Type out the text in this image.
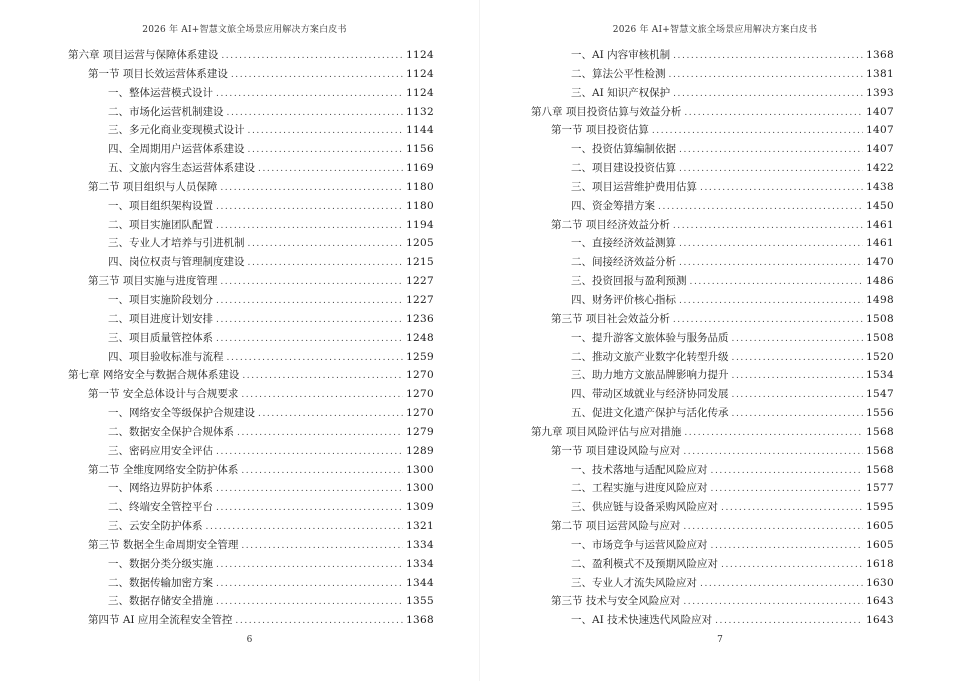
2026 年 AI+智慧文旅全场景应用解决方案白皮书
第六章 项目运营与保障体系建设 .....	1124
第一节 项目长效运营体系建设 .....	1124
一、整体运营模式设计 .....	1124
二、市场化运营机制建设 .....	1132
三、多元化商业变现模式设计 .....	1144
四、全周期用户运营体系建设 .....	1156
五、文旅内容生态运营体系建设 .....	1169
第二节 项目组织与人员保障 .....	1180
一、项目组织架构设置 .....	1180
二、项目实施团队配置 .....	1194
三、专业人才培养与引进机制 .....	1205
四、岗位权责与管理制度建设 .....	1215
第三节 项目实施与进度管理 .....	1227
一、项目实施阶段划分 .....	1227
二、项目进度计划安排 .....	1236
三、项目质量管控体系 .....	1248
四、项目验收标准与流程 .....	1259
第七章 网络安全与数据合规体系建设 .....	1270
第一节 安全总体设计与合规要求 .....	1270
一、网络安全等级保护合规建设 .....	1270
二、数据安全保护合规体系 .....	1279
三、密码应用安全评估 .....	1289
第二节 全维度网络安全防护体系 .....	1300
一、网络边界防护体系 .....	1300
二、终端安全管控平台 .....	1309
三、云安全防护体系 .....	1321
第三节 数据全生命周期安全管理 .....	1334
一、数据分类分级实施 .....	1334
二、数据传输加密方案 .....	1344
三、数据存储安全措施 .....	1355
第四节 AI 应用全流程安全管控 .....	1368
6
2026 年 AI+智慧文旅全场景应用解决方案白皮书
一、AI 内容审核机制 .....	1368
二、算法公平性检测 .....	1381
三、AI 知识产权保护 .....	1393
第八章 项目投资估算与效益分析 .....	1407
第一节 项目投资估算 .....	1407
一、投资估算编制依据 .....	1407
二、项目建设投资估算 .....	1422
三、项目运营维护费用估算 .....	1438
四、资金筹措方案 .....	1450
第二节 项目经济效益分析 .....	1461
一、直接经济效益测算 .....	1461
二、间接经济效益分析 .....	1470
三、投资回报与盈利预测 .....	1486
四、财务评价核心指标 .....	1498
第三节 项目社会效益分析 .....	1508
一、提升游客文旅体验与服务品质 .....	1508
二、推动文旅产业数字化转型升级 .....	1520
三、助力地方文旅品牌影响力提升 .....	1534
四、带动区域就业与经济协同发展 .....	1547
五、促进文化遗产保护与活化传承 .....	1556
第九章 项目风险评估与应对措施 .....	1568
第一节 项目建设风险与应对 .....	1568
一、技术落地与适配风险应对 .....	1568
二、工程实施与进度风险应对 .....	1577
三、供应链与设备采购风险应对 .....	1595
第二节 项目运营风险与应对 .....	1605
一、市场竞争与运营风险应对 .....	1605
二、盈利模式不及预期风险应对 .....	1618
三、专业人才流失风险应对 .....	1630
第三节 技术与安全风险应对 .....	1643
一、AI 技术快速迭代风险应对 .....	1643
7
